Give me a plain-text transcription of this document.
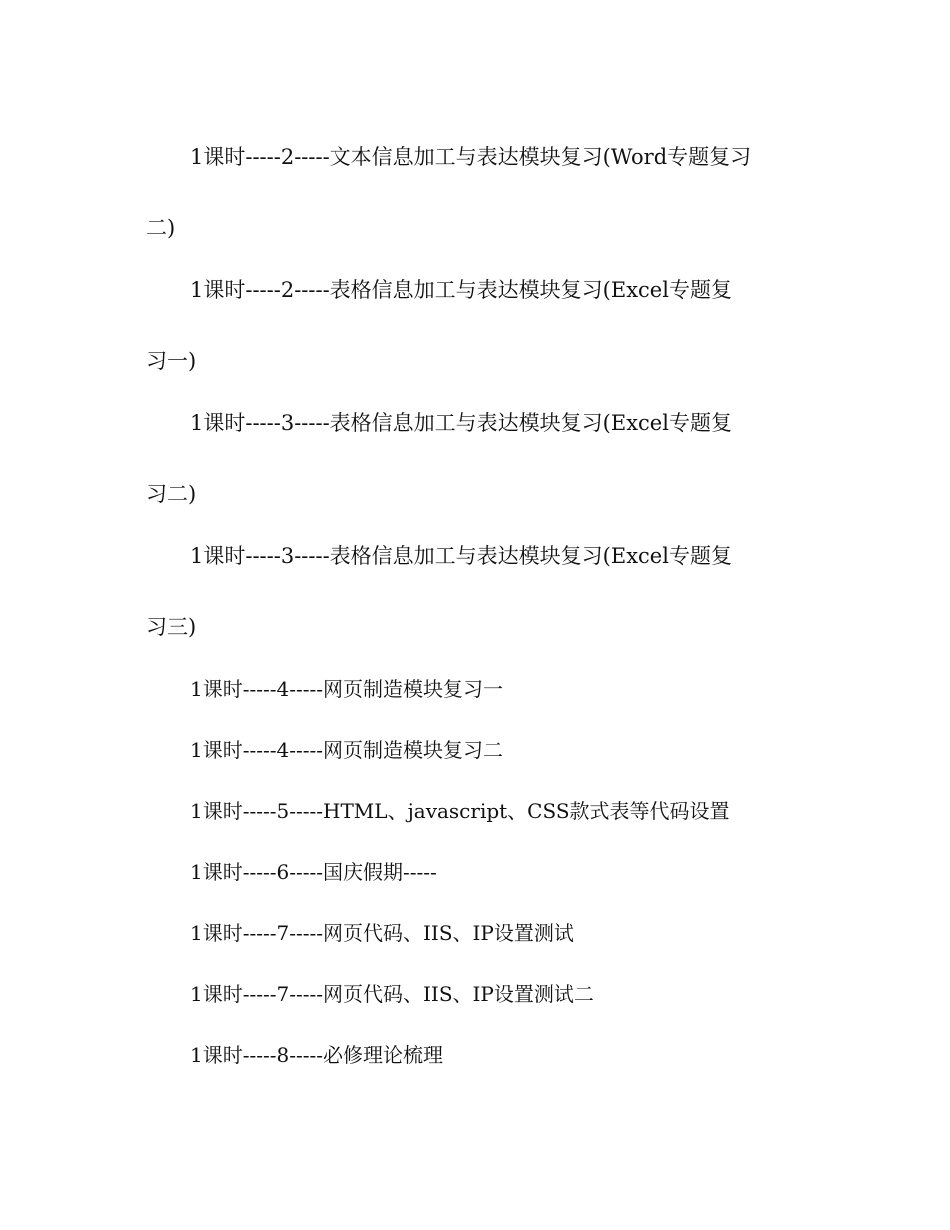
1课时-----2-----文本信息加工与表达模块复习(Word专题复习
二)
1课时-----2-----表格信息加工与表达模块复习(Excel专题复
习一)
1课时-----3-----表格信息加工与表达模块复习(Excel专题复
习二)
1课时-----3-----表格信息加工与表达模块复习(Excel专题复
习三)
1课时-----4-----网页制造模块复习一
1课时-----4-----网页制造模块复习二
1课时-----5-----HTML、javascript、CSS款式表等代码设置
1课时-----6-----国庆假期-----
1课时-----7-----网页代码、IIS、IP设置测试
1课时-----7-----网页代码、IIS、IP设置测试二
1课时-----8-----必修理论梳理
